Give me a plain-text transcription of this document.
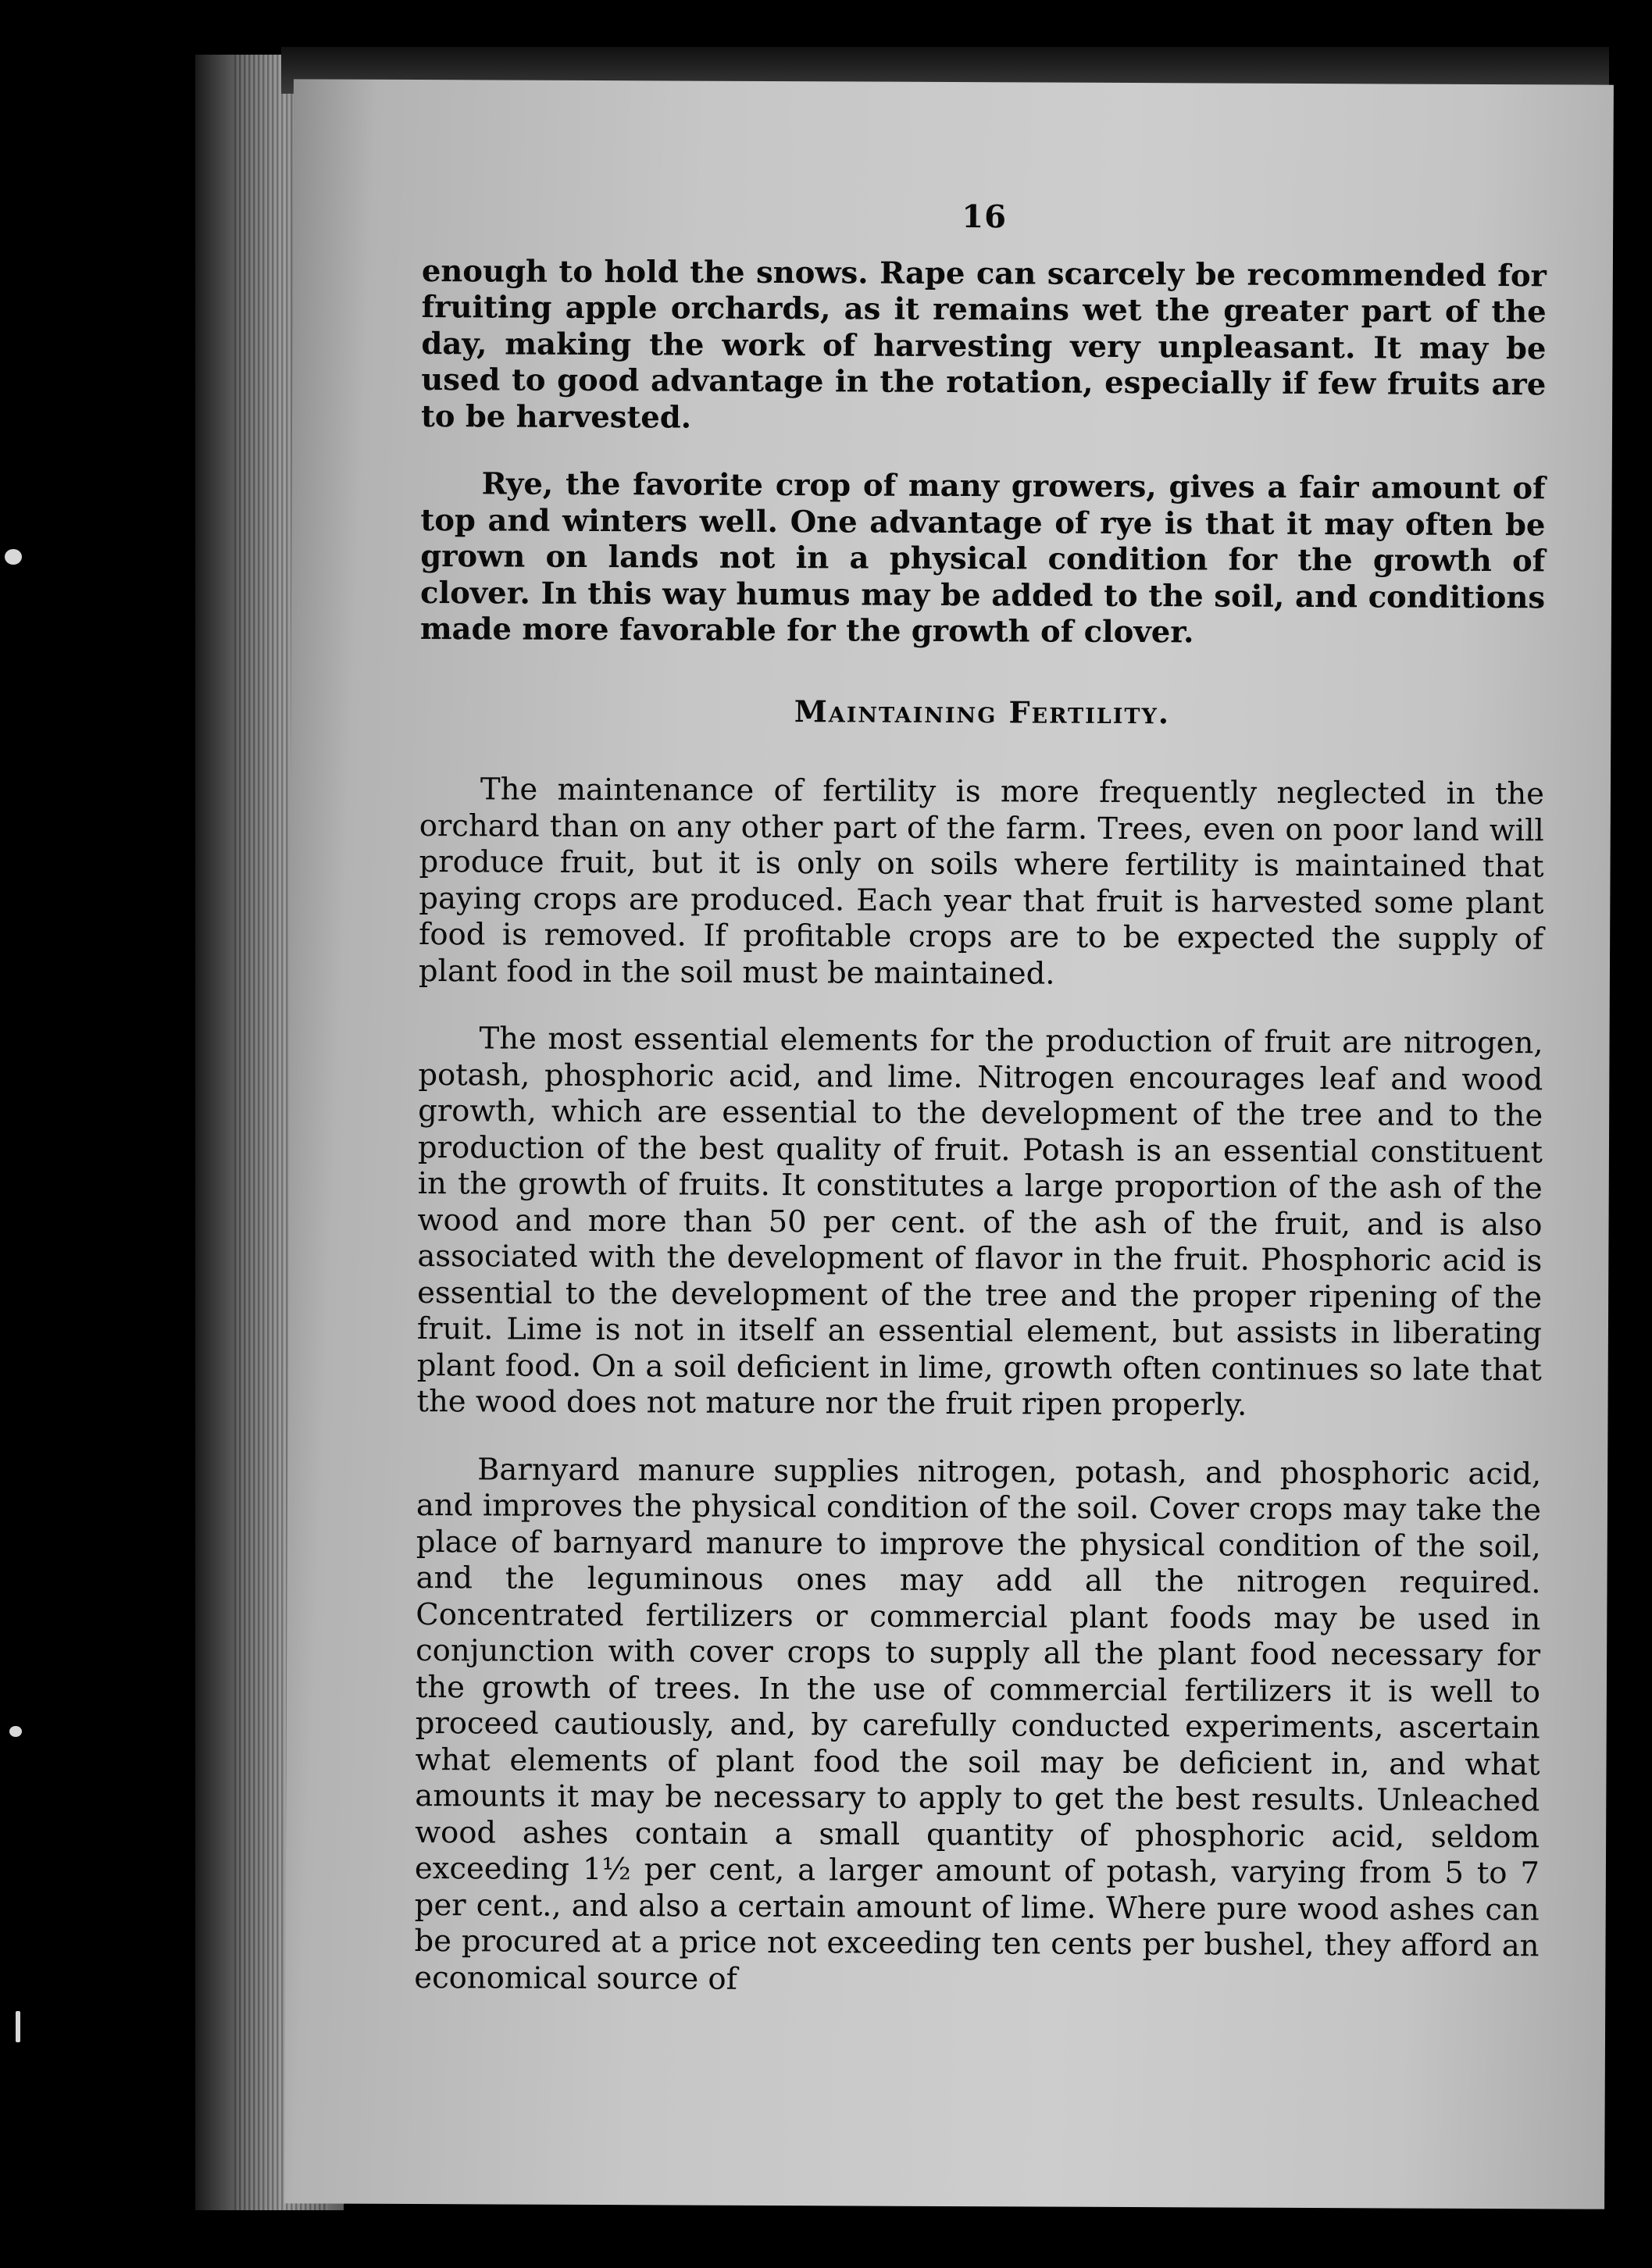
16

enough to hold the snows. Rape can scarcely be recommended for fruiting apple orchards, as it remains wet the greater part of the day, making the work of harvesting very unpleasant. It may be used to good advantage in the rotation, especially if few fruits are to be harvested.

Rye, the favorite crop of many growers, gives a fair amount of top and winters well. One advantage of rye is that it may often be grown on lands not in a physical condition for the growth of clover. In this way humus may be added to the soil, and conditions made more favorable for the growth of clover.

Maintaining Fertility.

The maintenance of fertility is more frequently neglected in the orchard than on any other part of the farm. Trees, even on poor land will produce fruit, but it is only on soils where fertility is maintained that paying crops are produced. Each year that fruit is harvested some plant food is removed. If profitable crops are to be expected the supply of plant food in the soil must be maintained.

The most essential elements for the production of fruit are nitrogen, potash, phosphoric acid, and lime. Nitrogen encourages leaf and wood growth, which are essential to the development of the tree and to the production of the best quality of fruit. Potash is an essential constituent in the growth of fruits. It constitutes a large proportion of the ash of the wood and more than 50 per cent. of the ash of the fruit, and is also associated with the development of flavor in the fruit. Phosphoric acid is essential to the development of the tree and the proper ripening of the fruit. Lime is not in itself an essential element, but assists in liberating plant food. On a soil deficient in lime, growth often continues so late that the wood does not mature nor the fruit ripen properly.

Barnyard manure supplies nitrogen, potash, and phosphoric acid, and improves the physical condition of the soil. Cover crops may take the place of barnyard manure to improve the physical condition of the soil, and the leguminous ones may add all the nitrogen required. Concentrated fertilizers or commercial plant foods may be used in conjunction with cover crops to supply all the plant food necessary for the growth of trees. In the use of commercial fertilizers it is well to proceed cautiously, and, by carefully conducted experiments, ascertain what elements of plant food the soil may be deficient in, and what amounts it may be necessary to apply to get the best results. Unleached wood ashes contain a small quantity of phosphoric acid, seldom exceeding 1½ per cent, a larger amount of potash, varying from 5 to 7 per cent., and also a certain amount of lime. Where pure wood ashes can be procured at a price not exceeding ten cents per bushel, they afford an economical source of
